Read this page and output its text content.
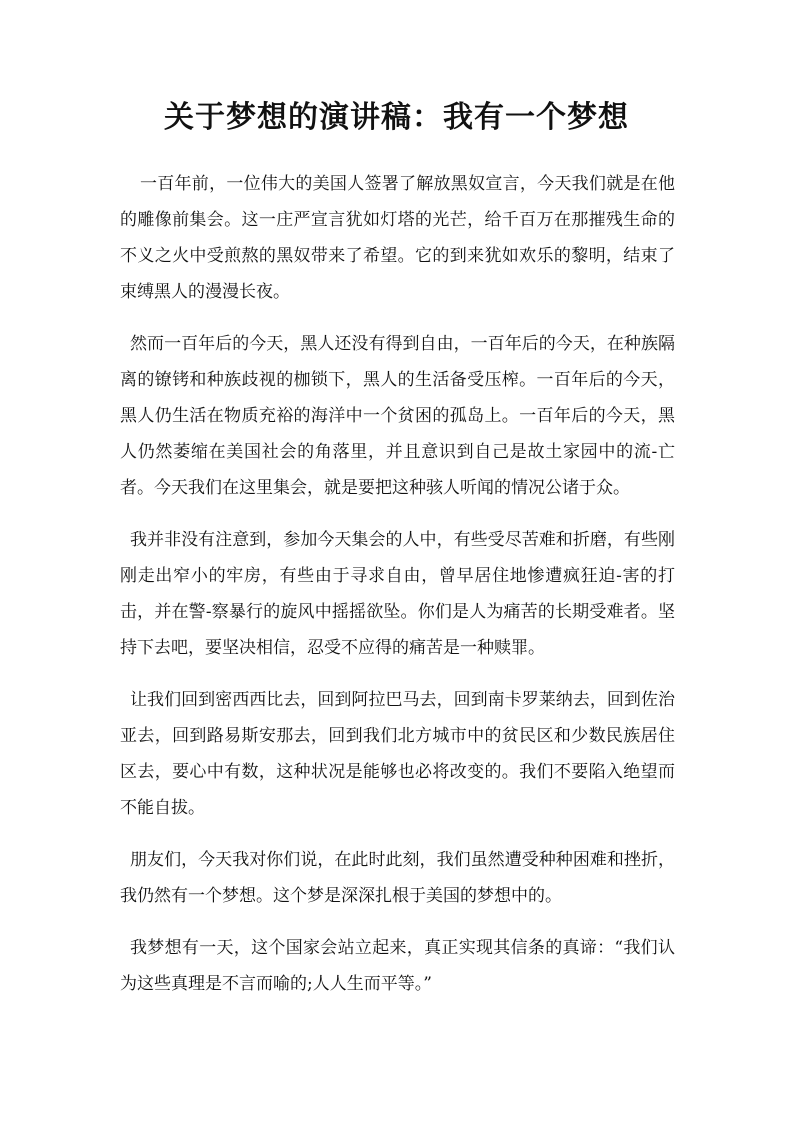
关于梦想的演讲稿：我有一个梦想

一百年前，一位伟大的美国人签署了解放黑奴宣言，今天我们就是在他的雕像前集会。这一庄严宣言犹如灯塔的光芒，给千百万在那摧残生命的不义之火中受煎熬的黑奴带来了希望。它的到来犹如欢乐的黎明，结束了束缚黑人的漫漫长夜。

然而一百年后的今天，黑人还没有得到自由，一百年后的今天，在种族隔离的镣铐和种族歧视的枷锁下，黑人的生活备受压榨。一百年后的今天，黑人仍生活在物质充裕的海洋中一个贫困的孤岛上。一百年后的今天，黑人仍然萎缩在美国社会的角落里，并且意识到自己是故土家园中的流-亡者。今天我们在这里集会，就是要把这种骇人听闻的情况公诸于众。

我并非没有注意到，参加今天集会的人中，有些受尽苦难和折磨，有些刚刚走出窄小的牢房，有些由于寻求自由，曾早居住地惨遭疯狂迫-害的打击，并在警-察暴行的旋风中摇摇欲坠。你们是人为痛苦的长期受难者。坚持下去吧，要坚决相信，忍受不应得的痛苦是一种赎罪。

让我们回到密西西比去，回到阿拉巴马去，回到南卡罗莱纳去，回到佐治亚去，回到路易斯安那去，回到我们北方城市中的贫民区和少数民族居住区去，要心中有数，这种状况是能够也必将改变的。我们不要陷入绝望而不能自拔。

朋友们，今天我对你们说，在此时此刻，我们虽然遭受种种困难和挫折，我仍然有一个梦想。这个梦是深深扎根于美国的梦想中的。

我梦想有一天，这个国家会站立起来，真正实现其信条的真谛：“我们认为这些真理是不言而喻的;人人生而平等。”
